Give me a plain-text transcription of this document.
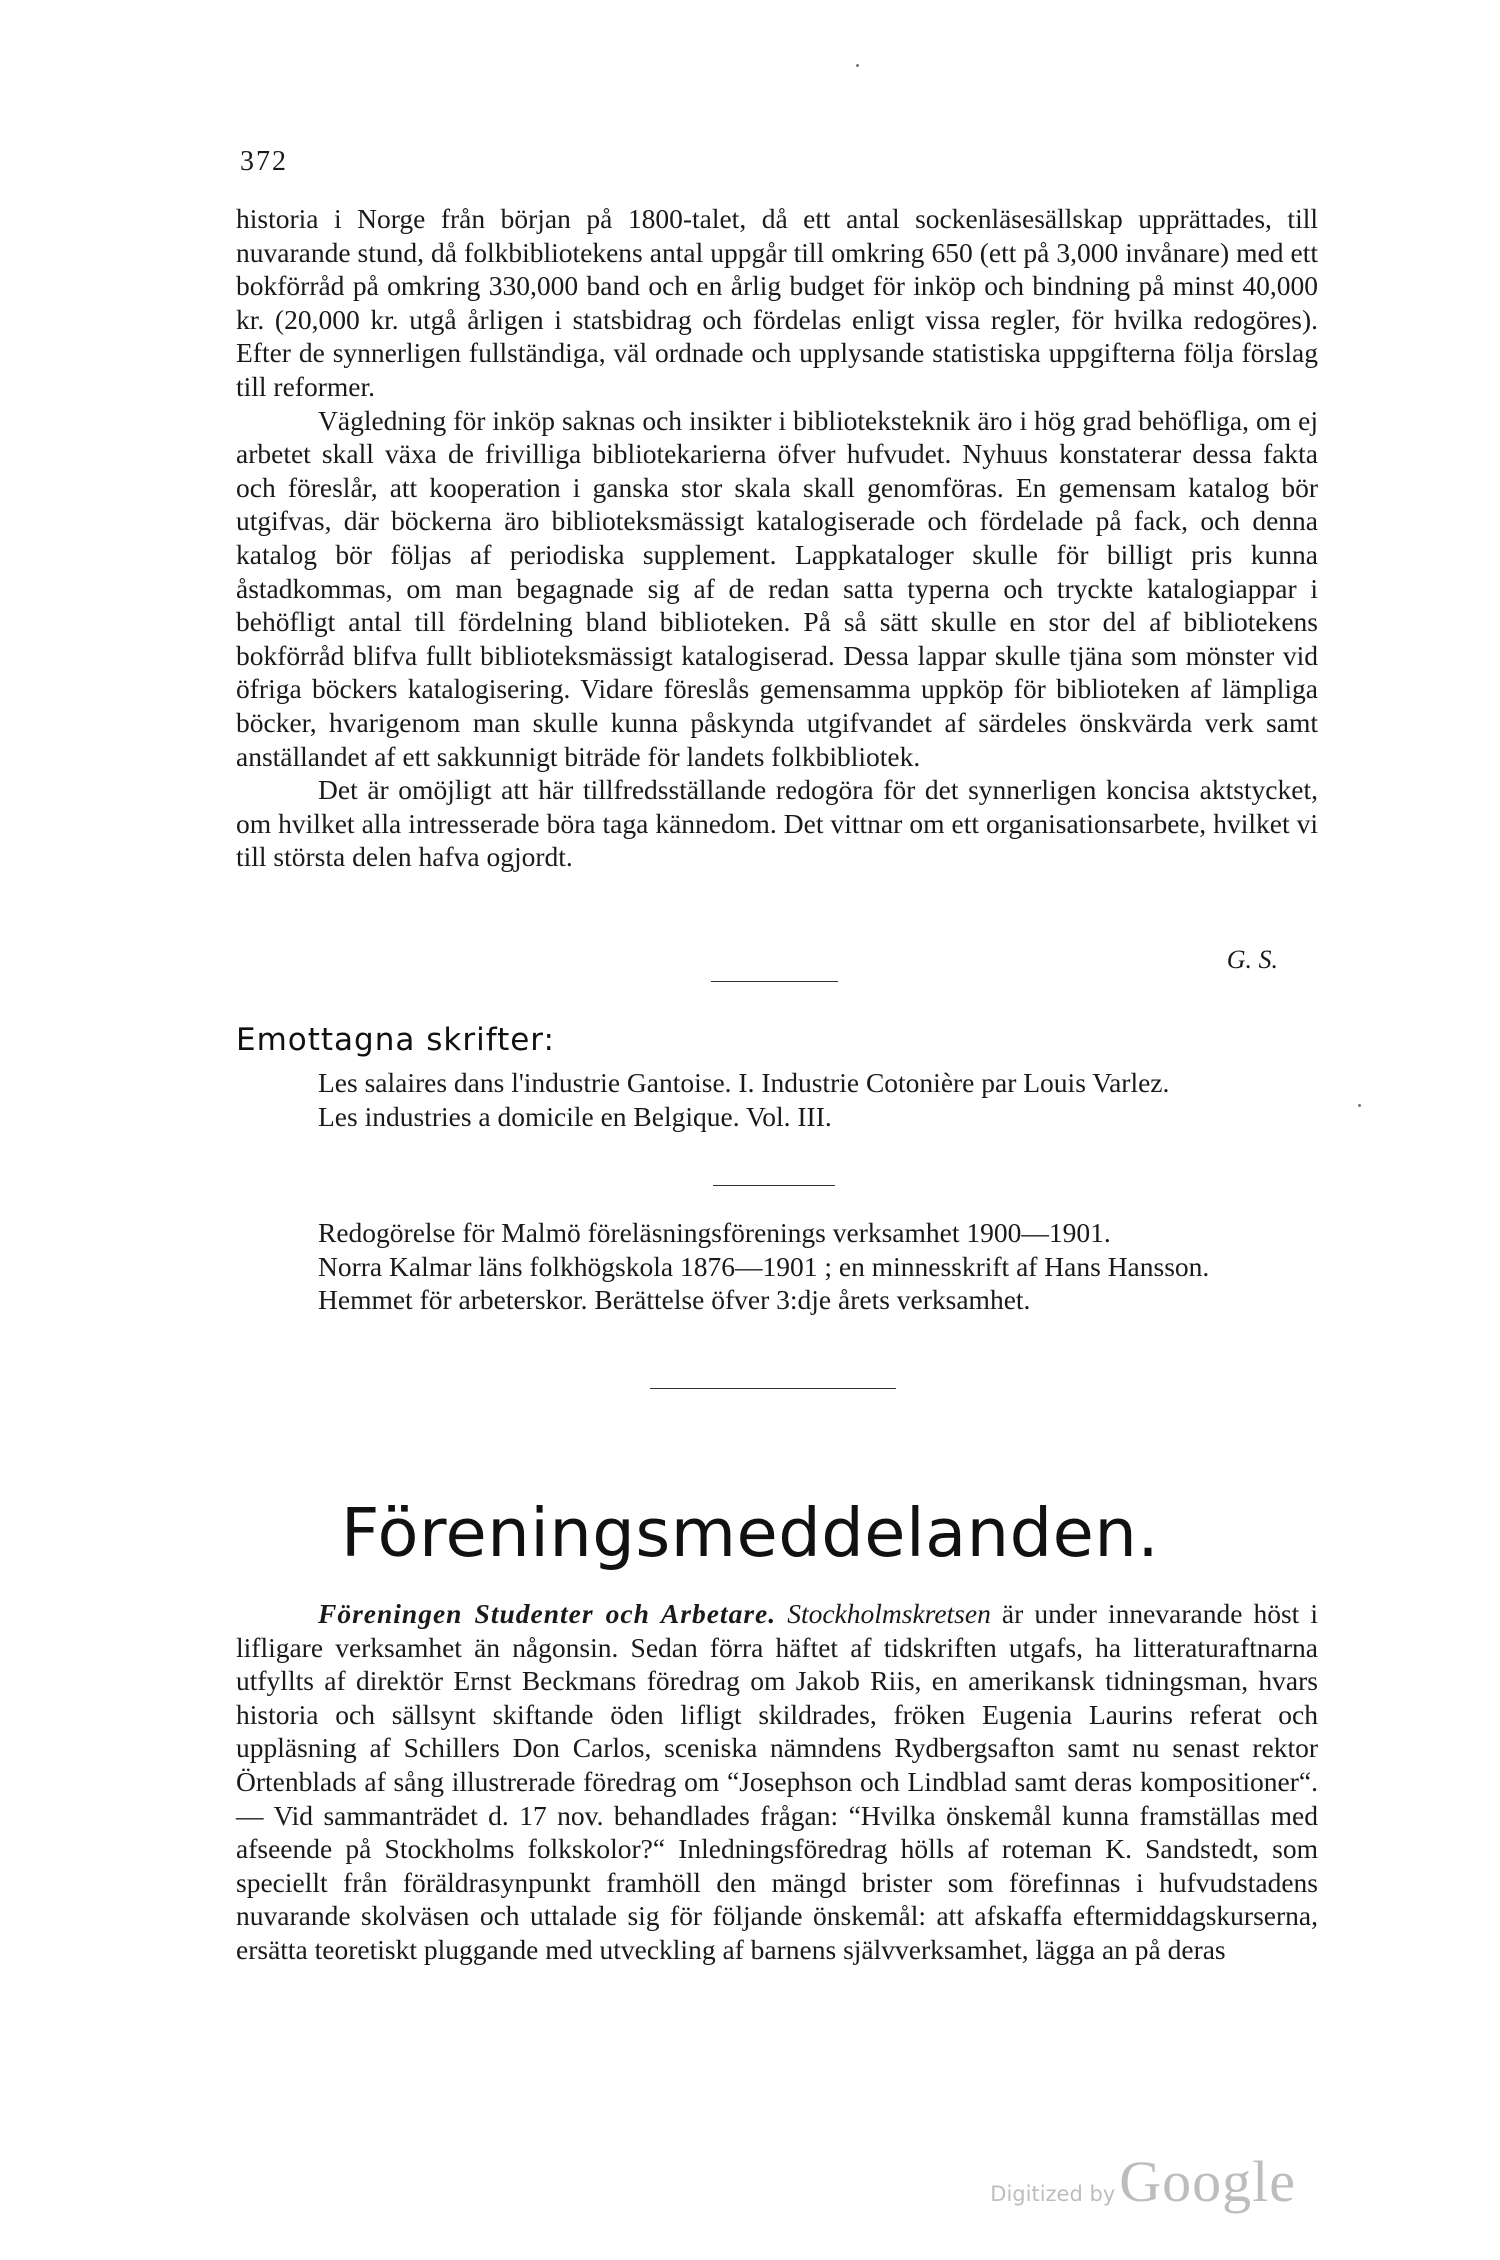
372

historia i Norge från början på 1800-talet, då ett antal sockenläsesällskap upprättades, till nuvarande stund, då folkbibliotekens antal uppgår till omkring 650 (ett på 3,000 invånare) med ett bokförråd på omkring 330,000 band och en årlig budget för inköp och bindning på minst 40,000 kr. (20,000 kr. utgå årligen i statsbidrag och fördelas enligt vissa regler, för hvilka redogöres). Efter de synnerligen fullständiga, väl ordnade och upplysande statistiska uppgifterna följa förslag till reformer.

Vägledning för inköp saknas och insikter i biblioteksteknik äro i hög grad behöfliga, om ej arbetet skall växa de frivilliga bibliotekarierna öfver hufvudet. Nyhuus konstaterar dessa fakta och föreslår, att kooperation i ganska stor skala skall genomföras. En gemensam katalog bör utgifvas, där böckerna äro biblioteksmässigt katalogiserade och fördelade på fack, och denna katalog bör följas af periodiska supplement. Lappkataloger skulle för billigt pris kunna åstadkommas, om man begagnade sig af de redan satta typerna och tryckte katalogiappar i behöfligt antal till fördelning bland biblioteken. På så sätt skulle en stor del af bibliotekens bokförråd blifva fullt biblioteksmässigt katalogiserad. Dessa lappar skulle tjäna som mönster vid öfriga böckers katalogisering. Vidare föreslås gemensamma uppköp för biblioteken af lämpliga böcker, hvarigenom man skulle kunna påskynda utgifvandet af särdeles önskvärda verk samt anställandet af ett sakkunnigt biträde för landets folkbibliotek.

Det är omöjligt att här tillfredsställande redogöra för det synnerligen koncisa aktstycket, om hvilket alla intresserade böra taga kännedom. Det vittnar om ett organisationsarbete, hvilket vi till största delen hafva ogjordt.

G. S.
Emottagna skrifter:

Les salaires dans l'industrie Gantoise. I. Industrie Cotonière par Louis Varlez.

Les industries a domicile en Belgique. Vol. III.

Redogörelse för Malmö föreläsningsförenings verksamhet 1900—1901.

Norra Kalmar läns folkhögskola 1876—1901 ; en minnesskrift af Hans Hansson.

Hemmet för arbeterskor. Berättelse öfver 3:dje årets verksamhet.

Föreningsmeddelanden.

Föreningen Studenter och Arbetare. Stockholmskretsen är under innevarande höst i lifligare verksamhet än någonsin. Sedan förra häftet af tidskriften utgafs, ha litteraturaftnarna utfyllts af direktör Ernst Beckmans föredrag om Jakob Riis, en amerikansk tidningsman, hvars historia och sällsynt skiftande öden lifligt skildrades, fröken Eugenia Laurins referat och uppläsning af Schillers Don Carlos, sceniska nämndens Rydbergsafton samt nu senast rektor Örtenblads af sång illustrerade föredrag om “Josephson och Lindblad samt deras kompositioner“. — Vid sammanträdet d. 17 nov. behandlades frågan: “Hvilka önskemål kunna framställas med afseende på Stockholms folkskolor?“ Inledningsföredrag hölls af roteman K. Sandstedt, som speciellt från föräldrasynpunkt framhöll den mängd brister som förefinnas i hufvudstadens nuvarande skolväsen och uttalade sig för följande önskemål: att afskaffa eftermiddagskurserna, ersätta teoretiskt pluggande med utveckling af barnens självverksamhet, lägga an på deras

Digitized by Google
